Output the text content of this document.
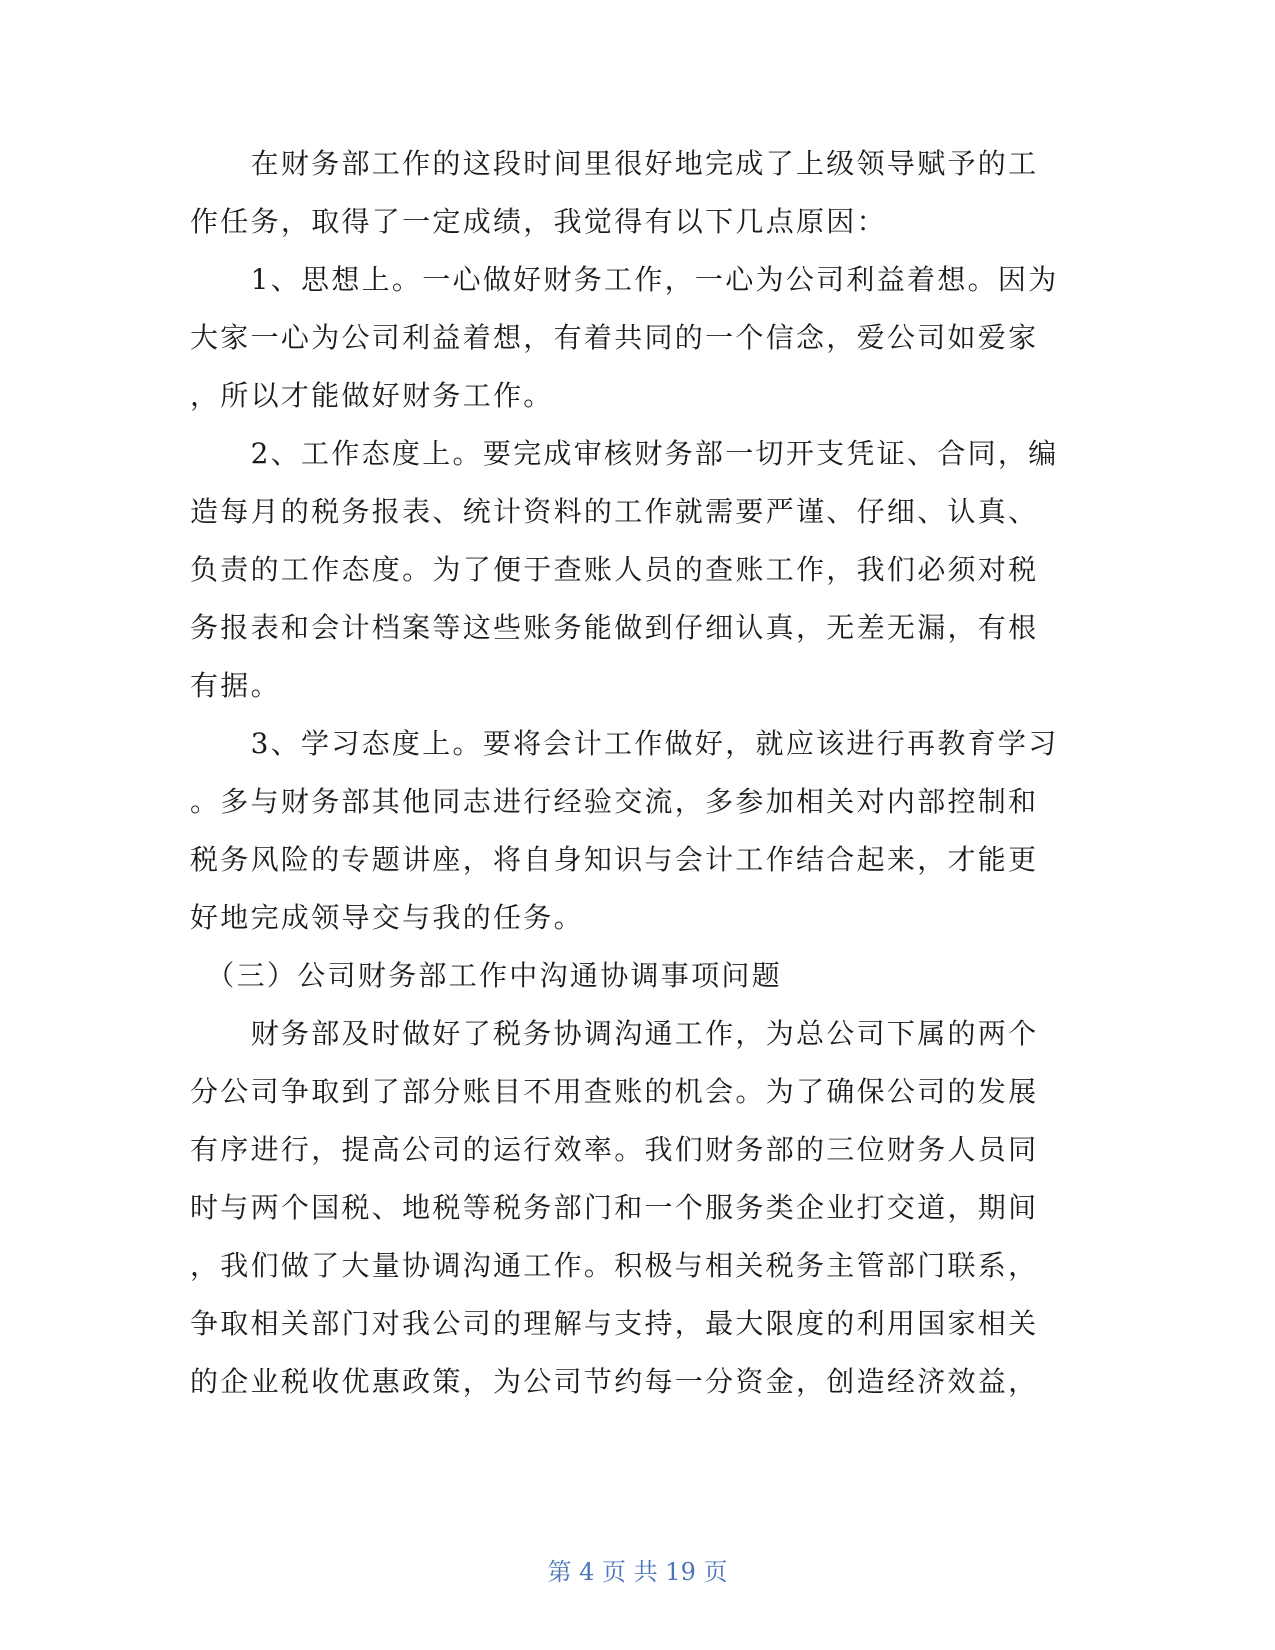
　　在财务部工作的这段时间里很好地完成了上级领导赋予的工

作任务，取得了一定成绩，我觉得有以下几点原因：

　　1、思想上。一心做好财务工作，一心为公司利益着想。因为

大家一心为公司利益着想，有着共同的一个信念，爱公司如爱家

，所以才能做好财务工作。

　　2、工作态度上。要完成审核财务部一切开支凭证、合同，编

造每月的税务报表、统计资料的工作就需要严谨、仔细、认真、

负责的工作态度。为了便于查账人员的查账工作，我们必须对税

务报表和会计档案等这些账务能做到仔细认真，无差无漏，有根

有据。

　　3、学习态度上。要将会计工作做好，就应该进行再教育学习

。多与财务部其他同志进行经验交流，多参加相关对内部控制和

税务风险的专题讲座，将自身知识与会计工作结合起来，才能更

好地完成领导交与我的任务。

　（三）公司财务部工作中沟通协调事项问题

　　财务部及时做好了税务协调沟通工作，为总公司下属的两个

分公司争取到了部分账目不用查账的机会。为了确保公司的发展

有序进行，提高公司的运行效率。我们财务部的三位财务人员同

时与两个国税、地税等税务部门和一个服务类企业打交道，期间

，我们做了大量协调沟通工作。积极与相关税务主管部门联系，

争取相关部门对我公司的理解与支持，最大限度的利用国家相关

的企业税收优惠政策，为公司节约每一分资金，创造经济效益，

第 4 页 共 19 页
